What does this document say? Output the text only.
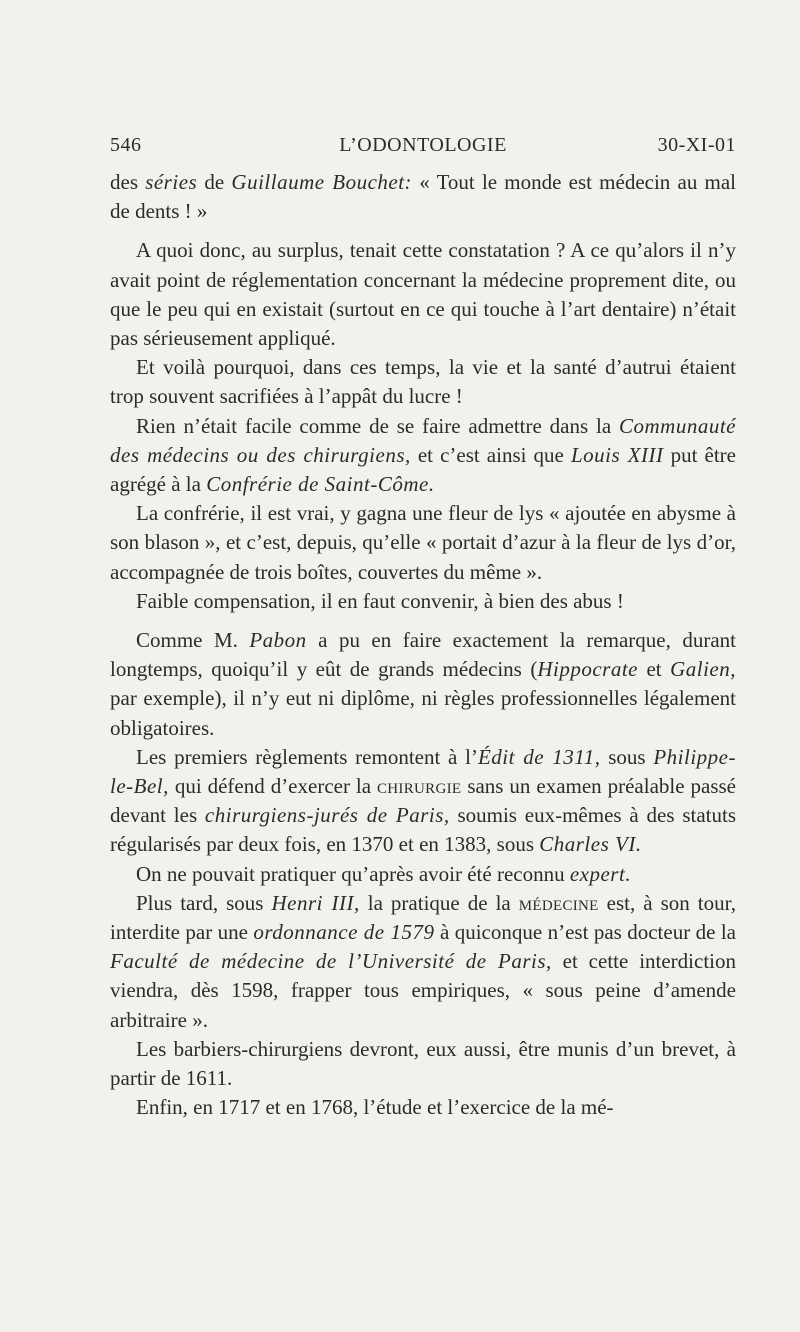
546	L’ODONTOLOGIE	30-XI-01

des séries de Guillaume Bouchet: « Tout le monde est médecin au mal de dents ! »

A quoi donc, au surplus, tenait cette constatation ? A ce qu’alors il n’y avait point de réglementation concernant la médecine proprement dite, ou que le peu qui en existait (surtout en ce qui touche à l’art dentaire) n’était pas sérieusement appliqué.

Et voilà pourquoi, dans ces temps, la vie et la santé d’autrui étaient trop souvent sacrifiées à l’appât du lucre !

Rien n’était facile comme de se faire admettre dans la Communauté des médecins ou des chirurgiens, et c’est ainsi que Louis XIII put être agrégé à la Confrérie de Saint-Côme.

La confrérie, il est vrai, y gagna une fleur de lys « ajoutée en abysme à son blason », et c’est, depuis, qu’elle « portait d’azur à la fleur de lys d’or, accompagnée de trois boîtes, couvertes du même ».

Faible compensation, il en faut convenir, à bien des abus !

Comme M. Pabon a pu en faire exactement la remarque, durant longtemps, quoiqu’il y eût de grands médecins (Hippocrate et Galien, par exemple), il n’y eut ni diplôme, ni règles professionnelles légalement obligatoires.

Les premiers règlements remontent à l’Édit de 1311, sous Philippe-le-Bel, qui défend d’exercer la chirurgie sans un examen préalable passé devant les chirurgiens-jurés de Paris, soumis eux-mêmes à des statuts régularisés par deux fois, en 1370 et en 1383, sous Charles VI.

On ne pouvait pratiquer qu’après avoir été reconnu expert.

Plus tard, sous Henri III, la pratique de la médecine est, à son tour, interdite par une ordonnance de 1579 à quiconque n’est pas docteur de la Faculté de médecine de l’Université de Paris, et cette interdiction viendra, dès 1598, frapper tous empiriques, « sous peine d’amende arbitraire ».

Les barbiers-chirurgiens devront, eux aussi, être munis d’un brevet, à partir de 1611.

Enfin, en 1717 et en 1768, l’étude et l’exercice de la mé-
